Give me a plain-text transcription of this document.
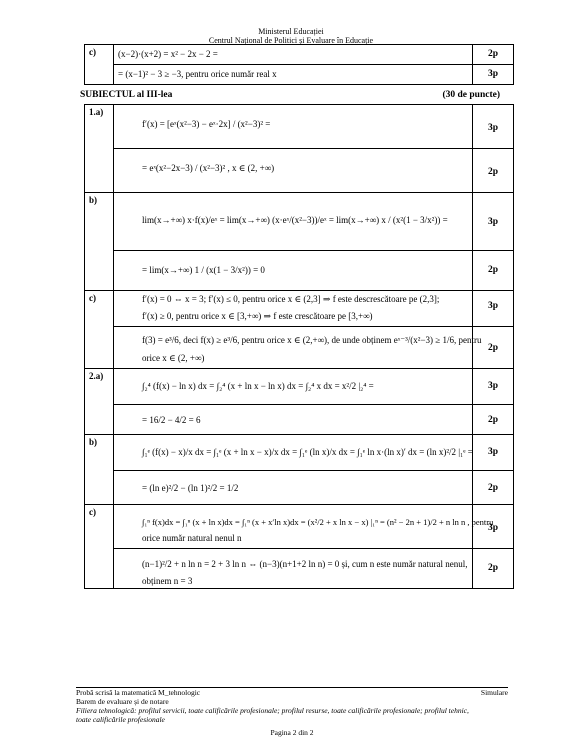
Ministerul Educației
Centrul Național de Politici și Evaluare în Educație
c)	(x−2)·(x+2) = x² − 2x − 2 =	2p

	= (x−1)² − 3 ≥ −3, pentru orice număr real x	3p
SUBIECTUL al III-lea	(30 de puncte)
1.a)	f′(x) = [eˣ(x²−3) − eˣ·2x] / (x²−3)² =	3p

	= eˣ(x²−2x−3) / (x²−3)² , x ∈ (2, +∞)	2p
b)	lim(x→+∞) x·f(x)/eˣ = lim(x→+∞) (x·eˣ/(x²−3))/eˣ = lim(x→+∞) x / (x²(1 − 3/x²)) =	3p

	= lim(x→+∞) 1 / (x(1 − 3/x²)) = 0	2p
c)	f′(x) = 0 ⇔ x = 3; f′(x) ≤ 0, pentru orice x ∈ (2,3] ⇒ f este descrescătoare pe (2,3];
f′(x) ≥ 0, pentru orice x ∈ [3,+∞) ⇒ f este crescătoare pe [3,+∞)	3p

	f(3) = e³/6, deci f(x) ≥ e³/6, pentru orice x ∈ (2,+∞), de unde obținem eˣ⁻³/(x²−3) ≥ 1/6, pentru
orice x ∈ (2, +∞)	2p
2.a)	∫₂⁴ (f(x) − ln x) dx = ∫₂⁴ (x + ln x − ln x) dx = ∫₂⁴ x dx = x²/2 |₂⁴ =	3p

	= 16/2 − 4/2 = 6	2p
b)	∫₁ᵉ (f(x) − x)/x dx = ∫₁ᵉ (x + ln x − x)/x dx = ∫₁ᵉ (ln x)/x dx = ∫₁ᵉ ln x·(ln x)′ dx = (ln x)²/2 |₁ᵉ =	3p

	= (ln e)²/2 − (ln 1)²/2 = 1/2	2p
c)	∫₁ⁿ f(x)dx = ∫₁ⁿ (x + ln x)dx = ∫₁ⁿ (x + x′ln x)dx = (x²/2 + x ln x − x) |₁ⁿ = (n² − 2n + 1)/2 + n ln n , pentru
orice număr natural nenul n	3p

	(n−1)²/2 + n ln n = 2 + 3 ln n ⇔ (n−3)(n+1+2 ln n) = 0 și, cum n este număr natural nenul,
obținem n = 3	2p
Probă scrisă la matematică M_tehnologic	Simulare
Barem de evaluare și de notare
Filiera tehnologică: profilul servicii, toate calificările profesionale; profilul resurse, toate calificările profesionale; profilul tehnic,
toate calificările profesionale
Pagina 2 din 2
